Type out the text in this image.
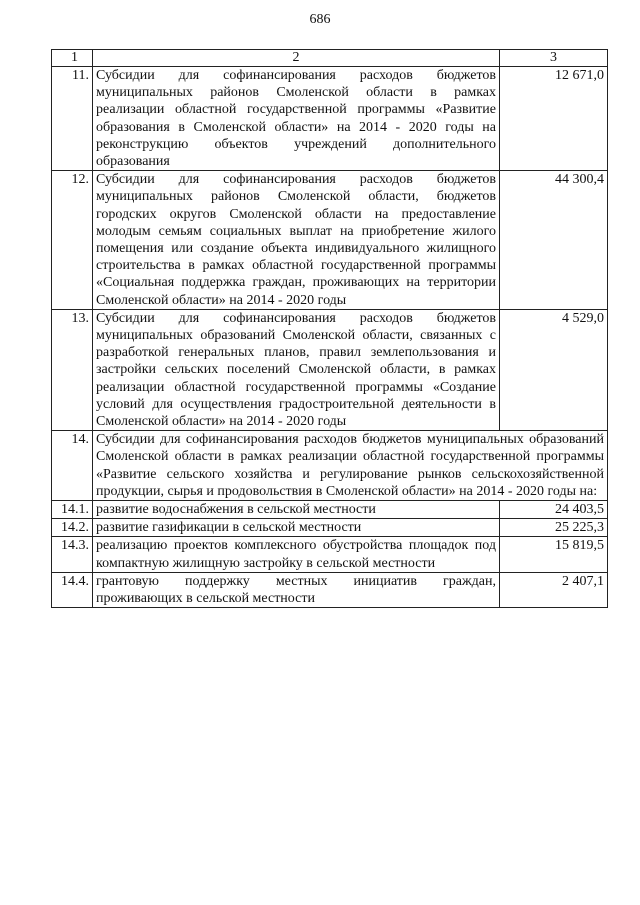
686
1	2	3
11.	Субсидии для софинансирования расходов бюджетов муниципальных районов Смоленской области в рамках реализации областной государственной программы «Развитие образования в Смоленской области» на 2014 - 2020 годы на реконструкцию объектов учреждений дополнительного образования	12 671,0
12.	Субсидии для софинансирования расходов бюджетов муниципальных районов Смоленской области, бюджетов городских округов Смоленской области на предоставление молодым семьям социальных выплат на приобретение жилого помещения или создание объекта индивидуального жилищного строительства в рамках областной государственной программы «Социальная поддержка граждан, проживающих на территории Смоленской области» на 2014 - 2020 годы	44 300,4
13.	Субсидии для софинансирования расходов бюджетов муниципальных образований Смоленской области, связанных с разработкой генеральных планов, правил землепользования и застройки сельских поселений Смоленской области, в рамках реализации областной государственной программы «Создание условий для осуществления градостроительной деятельности в Смоленской области» на 2014 - 2020 годы	4 529,0
14.	Субсидии для софинансирования расходов бюджетов муниципальных образований Смоленской области в рамках реализации областной государственной программы «Развитие сельского хозяйства и регулирование рынков сельскохозяйственной продукции, сырья и продовольствия в Смоленской области» на 2014 - 2020 годы на:	
14.1.	развитие водоснабжения в сельской местности	24 403,5
14.2.	развитие газификации в сельской местности	25 225,3
14.3.	реализацию проектов комплексного обустройства площадок под компактную жилищную застройку в сельской местности	15 819,5
14.4.	грантовую поддержку местных инициатив граждан, проживающих в сельской местности	2 407,1
